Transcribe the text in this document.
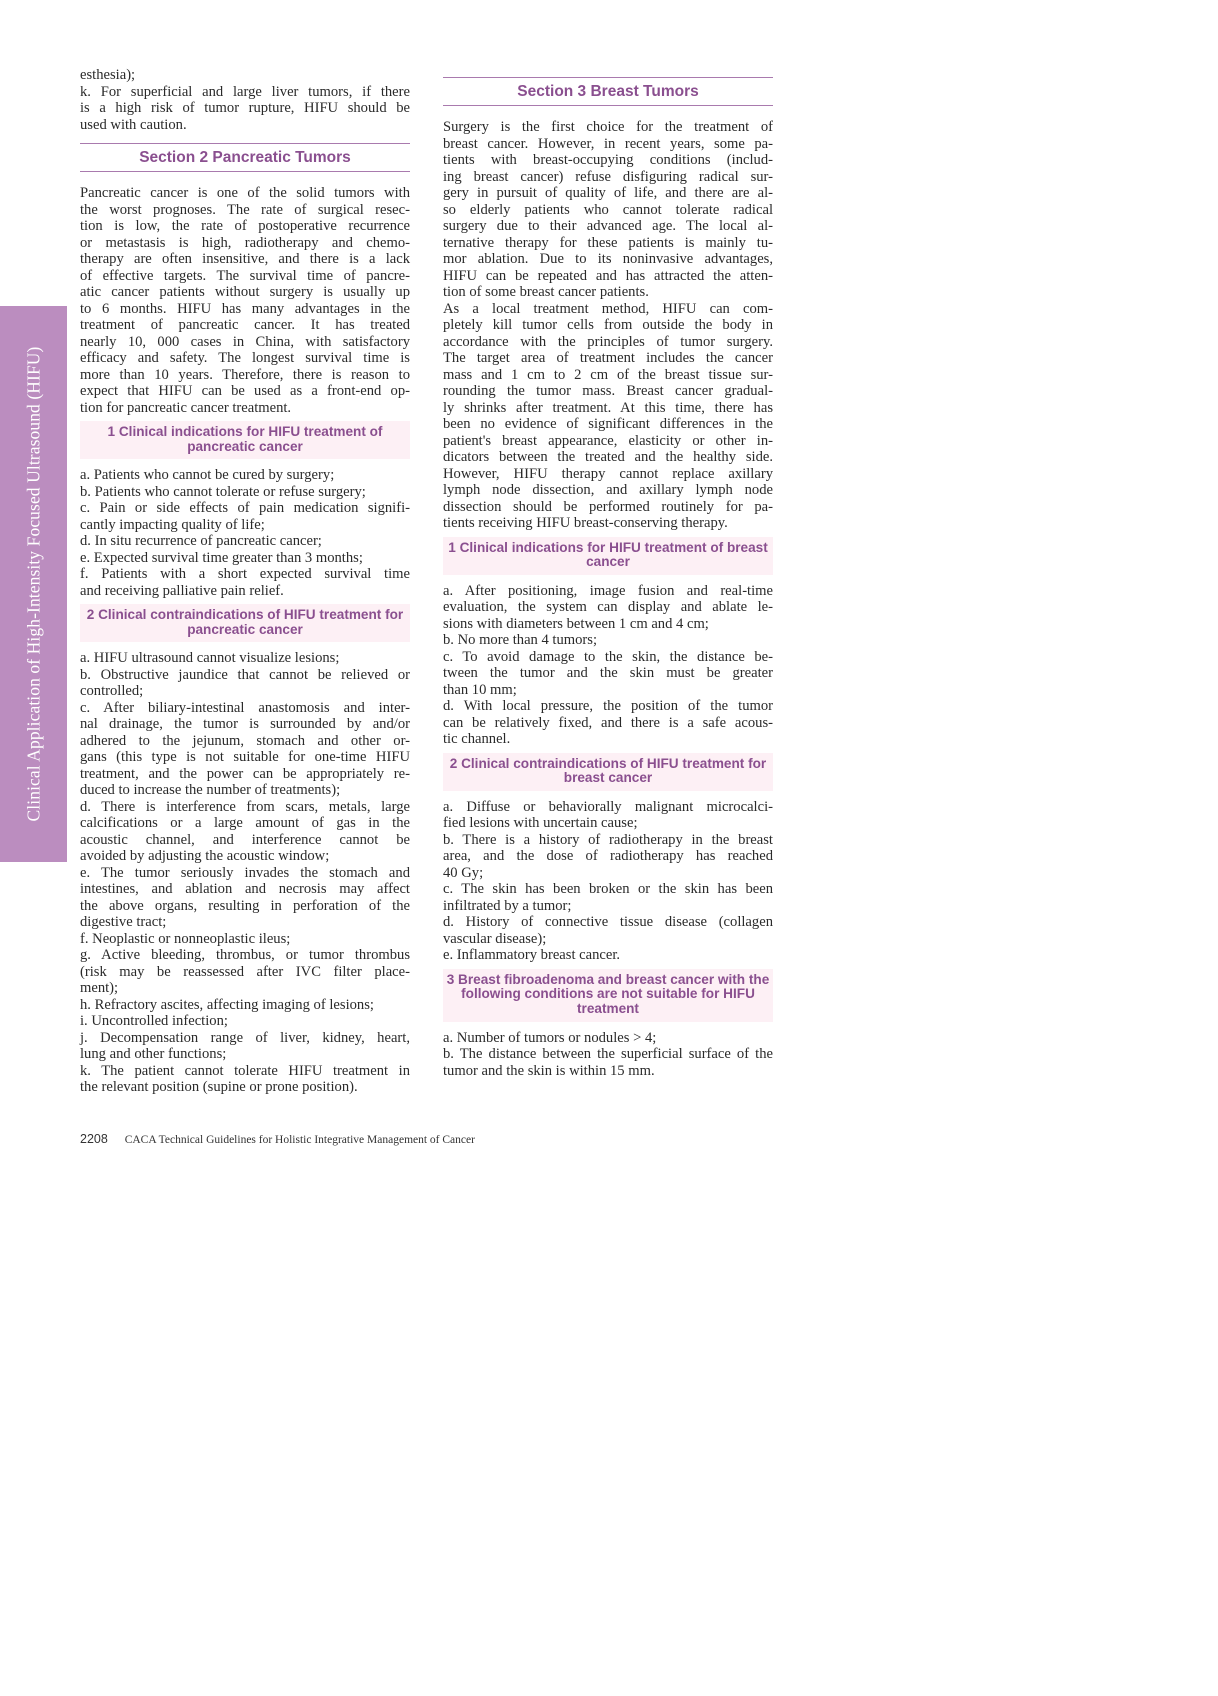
Clinical Application of High-Intensity Focused Ultrasound (HIFU)
esthesia);
k. For superficial and large liver tumors, if there
is a high risk of tumor rupture, HIFU should be
used with caution.
Section 2 Pancreatic Tumors
Pancreatic cancer is one of the solid tumors with
the worst prognoses. The rate of surgical resec-
tion is low, the rate of postoperative recurrence
or metastasis is high, radiotherapy and chemo-
therapy are often insensitive, and there is a lack
of effective targets. The survival time of pancre-
atic cancer patients without surgery is usually up
to 6 months. HIFU has many advantages in the
treatment of pancreatic cancer. It has treated
nearly 10, 000 cases in China, with satisfactory
efficacy and safety. The longest survival time is
more than 10 years. Therefore, there is reason to
expect that HIFU can be used as a front-end op-
tion for pancreatic cancer treatment.
1 Clinical indications for HIFU treatment of pancreatic cancer
a. Patients who cannot be cured by surgery;
b. Patients who cannot tolerate or refuse surgery;
c. Pain or side effects of pain medication signifi-
cantly impacting quality of life;
d. In situ recurrence of pancreatic cancer;
e. Expected survival time greater than 3 months;
f. Patients with a short expected survival time
and receiving palliative pain relief.
2 Clinical contraindications of HIFU treatment for pancreatic cancer
a. HIFU ultrasound cannot visualize lesions;
b. Obstructive jaundice that cannot be relieved or
controlled;
c. After biliary-intestinal anastomosis and inter-
nal drainage, the tumor is surrounded by and/or
adhered to the jejunum, stomach and other or-
gans (this type is not suitable for one-time HIFU
treatment, and the power can be appropriately re-
duced to increase the number of treatments);
d. There is interference from scars, metals, large
calcifications or a large amount of gas in the
acoustic channel, and interference cannot be
avoided by adjusting the acoustic window;
e. The tumor seriously invades the stomach and
intestines, and ablation and necrosis may affect
the above organs, resulting in perforation of the
digestive tract;
f. Neoplastic or nonneoplastic ileus;
g. Active bleeding, thrombus, or tumor thrombus
(risk may be reassessed after IVC filter place-
ment);
h. Refractory ascites, affecting imaging of lesions;
i. Uncontrolled infection;
j. Decompensation range of liver, kidney, heart,
lung and other functions;
k. The patient cannot tolerate HIFU treatment in
the relevant position (supine or prone position).
Section 3 Breast Tumors
Surgery is the first choice for the treatment of
breast cancer. However, in recent years, some pa-
tients with breast-occupying conditions (includ-
ing breast cancer) refuse disfiguring radical sur-
gery in pursuit of quality of life, and there are al-
so elderly patients who cannot tolerate radical
surgery due to their advanced age. The local al-
ternative therapy for these patients is mainly tu-
mor ablation. Due to its noninvasive advantages,
HIFU can be repeated and has attracted the atten-
tion of some breast cancer patients.
As a local treatment method, HIFU can com-
pletely kill tumor cells from outside the body in
accordance with the principles of tumor surgery.
The target area of treatment includes the cancer
mass and 1 cm to 2 cm of the breast tissue sur-
rounding the tumor mass. Breast cancer gradual-
ly shrinks after treatment. At this time, there has
been no evidence of significant differences in the
patient's breast appearance, elasticity or other in-
dicators between the treated and the healthy side.
However, HIFU therapy cannot replace axillary
lymph node dissection, and axillary lymph node
dissection should be performed routinely for pa-
tients receiving HIFU breast-conserving therapy.
1 Clinical indications for HIFU treatment of breast cancer
a. After positioning, image fusion and real-time
evaluation, the system can display and ablate le-
sions with diameters between 1 cm and 4 cm;
b. No more than 4 tumors;
c. To avoid damage to the skin, the distance be-
tween the tumor and the skin must be greater
than 10 mm;
d. With local pressure, the position of the tumor
can be relatively fixed, and there is a safe acous-
tic channel.
2 Clinical contraindications of HIFU treatment for breast cancer
a. Diffuse or behaviorally malignant microcalci-
fied lesions with uncertain cause;
b. There is a history of radiotherapy in the breast
area, and the dose of radiotherapy has reached
40 Gy;
c. The skin has been broken or the skin has been
infiltrated by a tumor;
d. History of connective tissue disease (collagen
vascular disease);
e. Inflammatory breast cancer.
3 Breast fibroadenoma and breast cancer with the following conditions are not suitable for HIFU treatment
a. Number of tumors or nodules > 4;
b. The distance between the superficial surface of the
tumor and the skin is within 15 mm.
2208 CACA Technical Guidelines for Holistic Integrative Management of Cancer
